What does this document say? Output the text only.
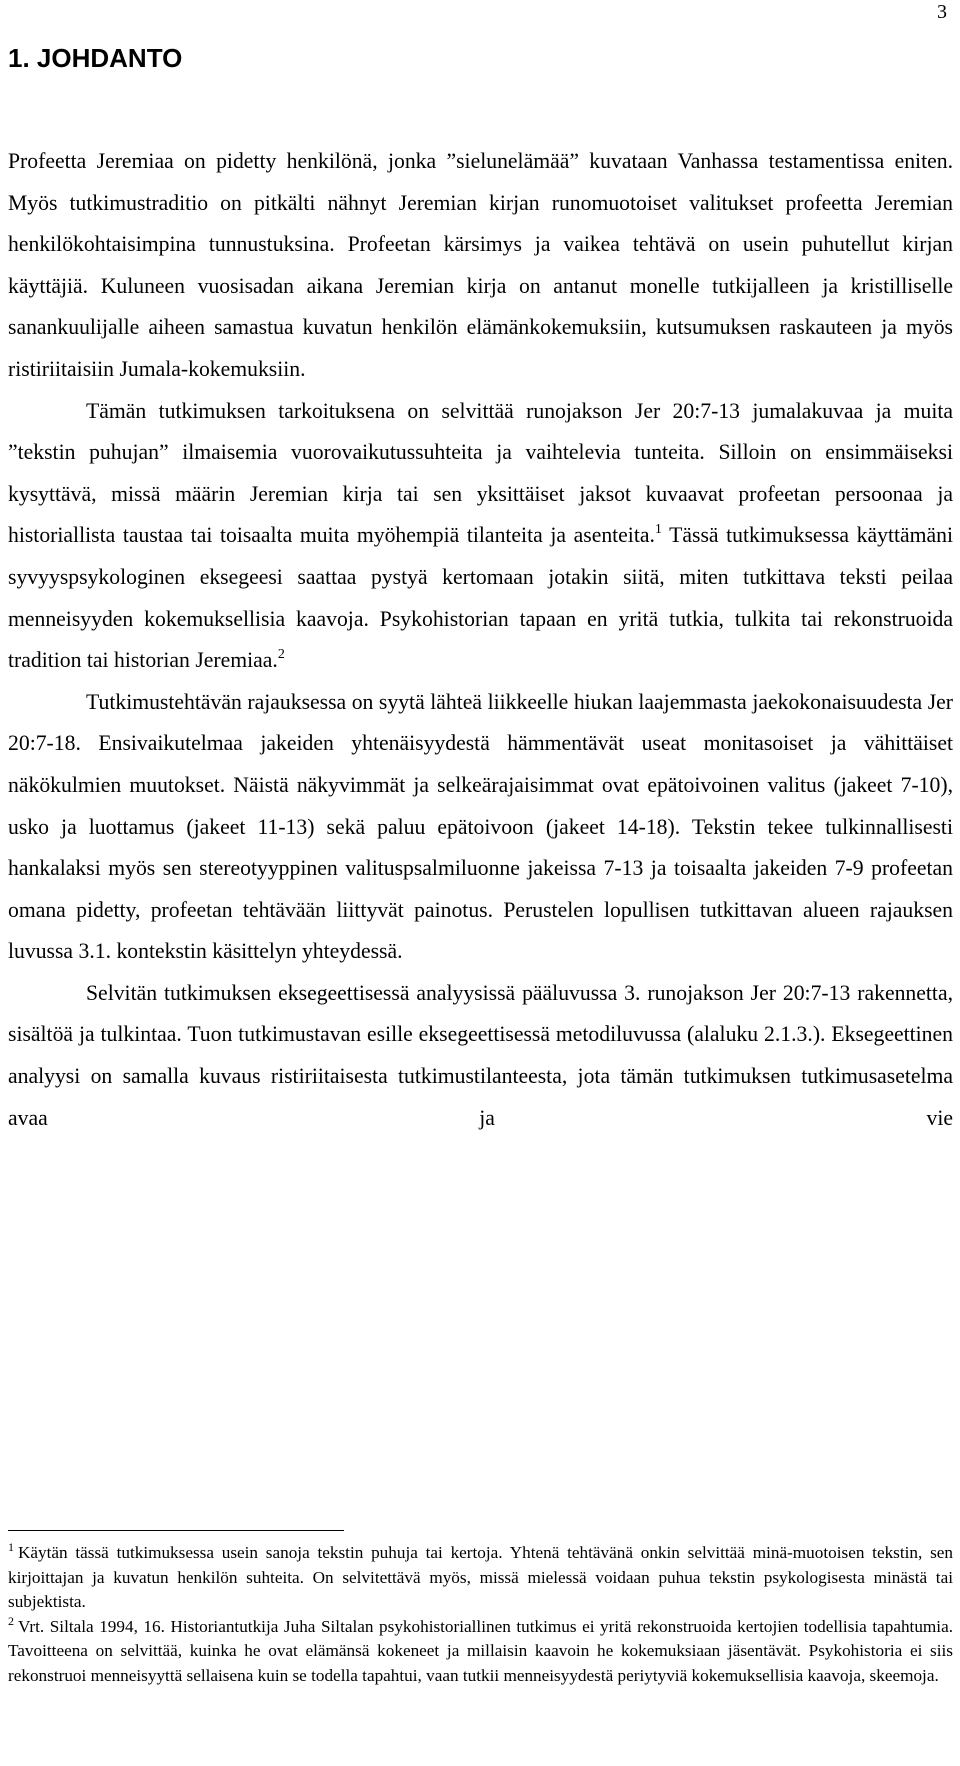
3
1. JOHDANTO

Profeetta Jeremiaa on pidetty henkilönä, jonka ”sielunelämää” kuvataan Vanhassa testamentissa eniten. Myös tutkimustraditio on pitkälti nähnyt Jeremian kirjan runomuotoiset valitukset profeetta Jeremian henkilökohtaisimpina tunnustuksina. Profeetan kärsimys ja vaikea tehtävä on usein puhutellut kirjan käyttäjiä. Kuluneen vuosisadan aikana Jeremian kirja on antanut monelle tutkijalleen ja kristilliselle sanankuulijalle aiheen samastua kuvatun henkilön elämänkokemuksiin, kutsumuksen raskauteen ja myös ristiriitaisiin Jumala-kokemuksiin.

Tämän tutkimuksen tarkoituksena on selvittää runojakson Jer 20:7-13 jumalakuvaa ja muita ”tekstin puhujan” ilmaisemia vuorovaikutussuhteita ja vaihtelevia tunteita. Silloin on ensimmäiseksi kysyttävä, missä määrin Jeremian kirja tai sen yksittäiset jaksot kuvaavat profeetan persoonaa ja historiallista taustaa tai toisaalta muita myöhempiä tilanteita ja asenteita.$^1$ Tässä tutkimuksessa käyttämäni syvyyspsykologinen eksegeesi saattaa pystyä kertomaan jotakin siitä, miten tutkittava teksti peilaa menneisyyden kokemuksellisia kaavoja. Psykohistorian tapaan en yritä tutkia, tulkita tai rekonstruoida tradition tai historian Jeremiaa.$^2$

Tutkimustehtävän rajauksessa on syytä lähteä liikkeelle hiukan laajemmasta jaekokonaisuudesta Jer 20:7-18. Ensivaikutelmaa jakeiden yhtenäisyydestä hämmentävät useat monitasoiset ja vähittäiset näkökulmien muutokset. Näistä näkyvimmät ja selkeärajaisimmat ovat epätoivoinen valitus (jakeet 7-10), usko ja luottamus (jakeet 11-13) sekä paluu epätoivoon (jakeet 14-18). Tekstin tekee tulkinnallisesti hankalaksi myös sen stereotyyppinen valituspsalmiluonne jakeissa 7-13 ja toisaalta jakeiden 7-9 profeetan omana pidetty, profeetan tehtävään liittyvät painotus. Perustelen lopullisen tutkittavan alueen rajauksen luvussa 3.1. kontekstin käsittelyn yhteydessä.

Selvitän tutkimuksen eksegeettisessä analyysissä pääluvussa 3. runojakson Jer 20:7-13 rakennetta, sisältöä ja tulkintaa. Tuon tutkimustavan esille eksegeettisessä metodiluvussa (alaluku 2.1.3.). Eksegeettinen analyysi on samalla kuvaus ristiriitaisesta tutkimustilanteesta, jota tämän tutkimuksen tutkimusasetelma avaa ja vie

$^1$ Käytän tässä tutkimuksessa usein sanoja tekstin puhuja tai kertoja. Yhtenä tehtävänä onkin selvittää minä-muotoisen tekstin, sen kirjoittajan ja kuvatun henkilön suhteita. On selvitettävä myös, missä mielessä voidaan puhua tekstin psykologisesta minästä tai subjektista.

$^2$ Vrt. Siltala 1994, 16. Historiantutkija Juha Siltalan psykohistoriallinen tutkimus ei yritä rekonstruoida kertojien todellisia tapahtumia. Tavoitteena on selvittää, kuinka he ovat elämänsä kokeneet ja millaisin kaavoin he kokemuksiaan jäsentävät. Psykohistoria ei siis rekonstruoi menneisyyttä sellaisena kuin se todella tapahtui, vaan tutkii menneisyydestä periytyviä kokemuksellisia kaavoja, skeemoja.
